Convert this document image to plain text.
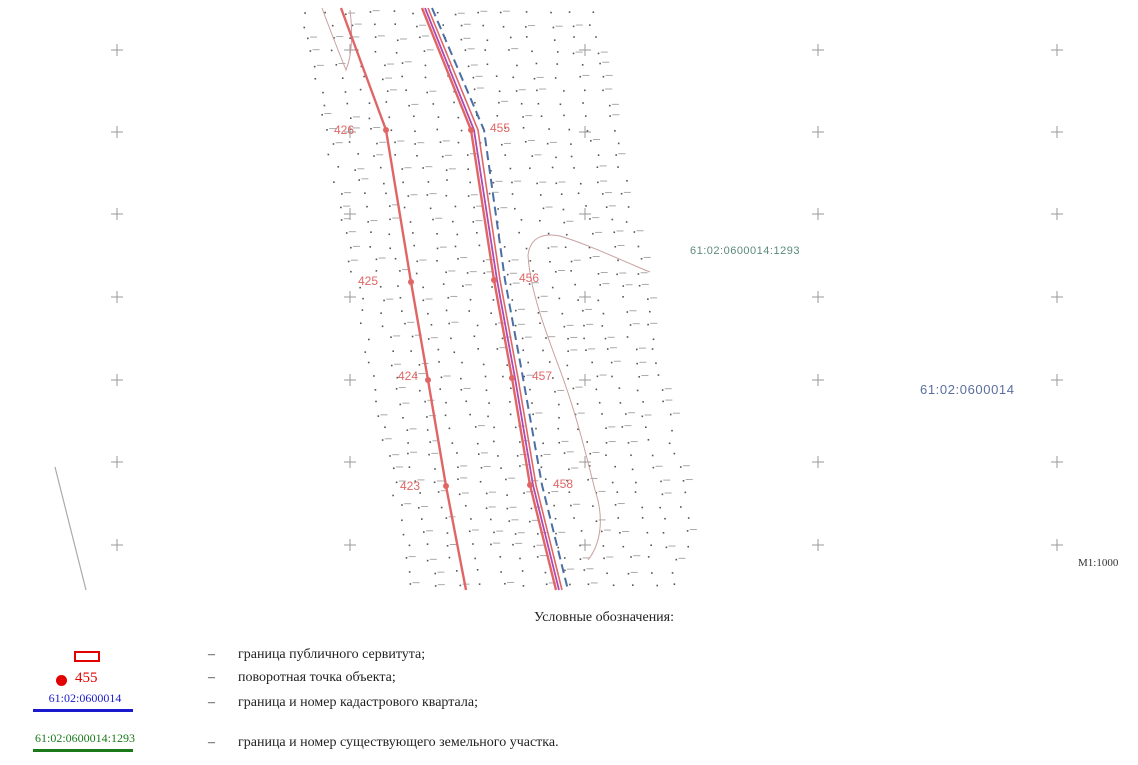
426
425
424
423
455
456
457
458
61:02:0600014:1293
61:02:0600014
М1:1000
Условные обозначения:
– граница публичного сервитута;
455	– поворотная точка объекта;
61:02:0600014	– граница и номер кадастрового квартала;
61:02:0600014:1293	– граница и номер существующего земельного участка.
